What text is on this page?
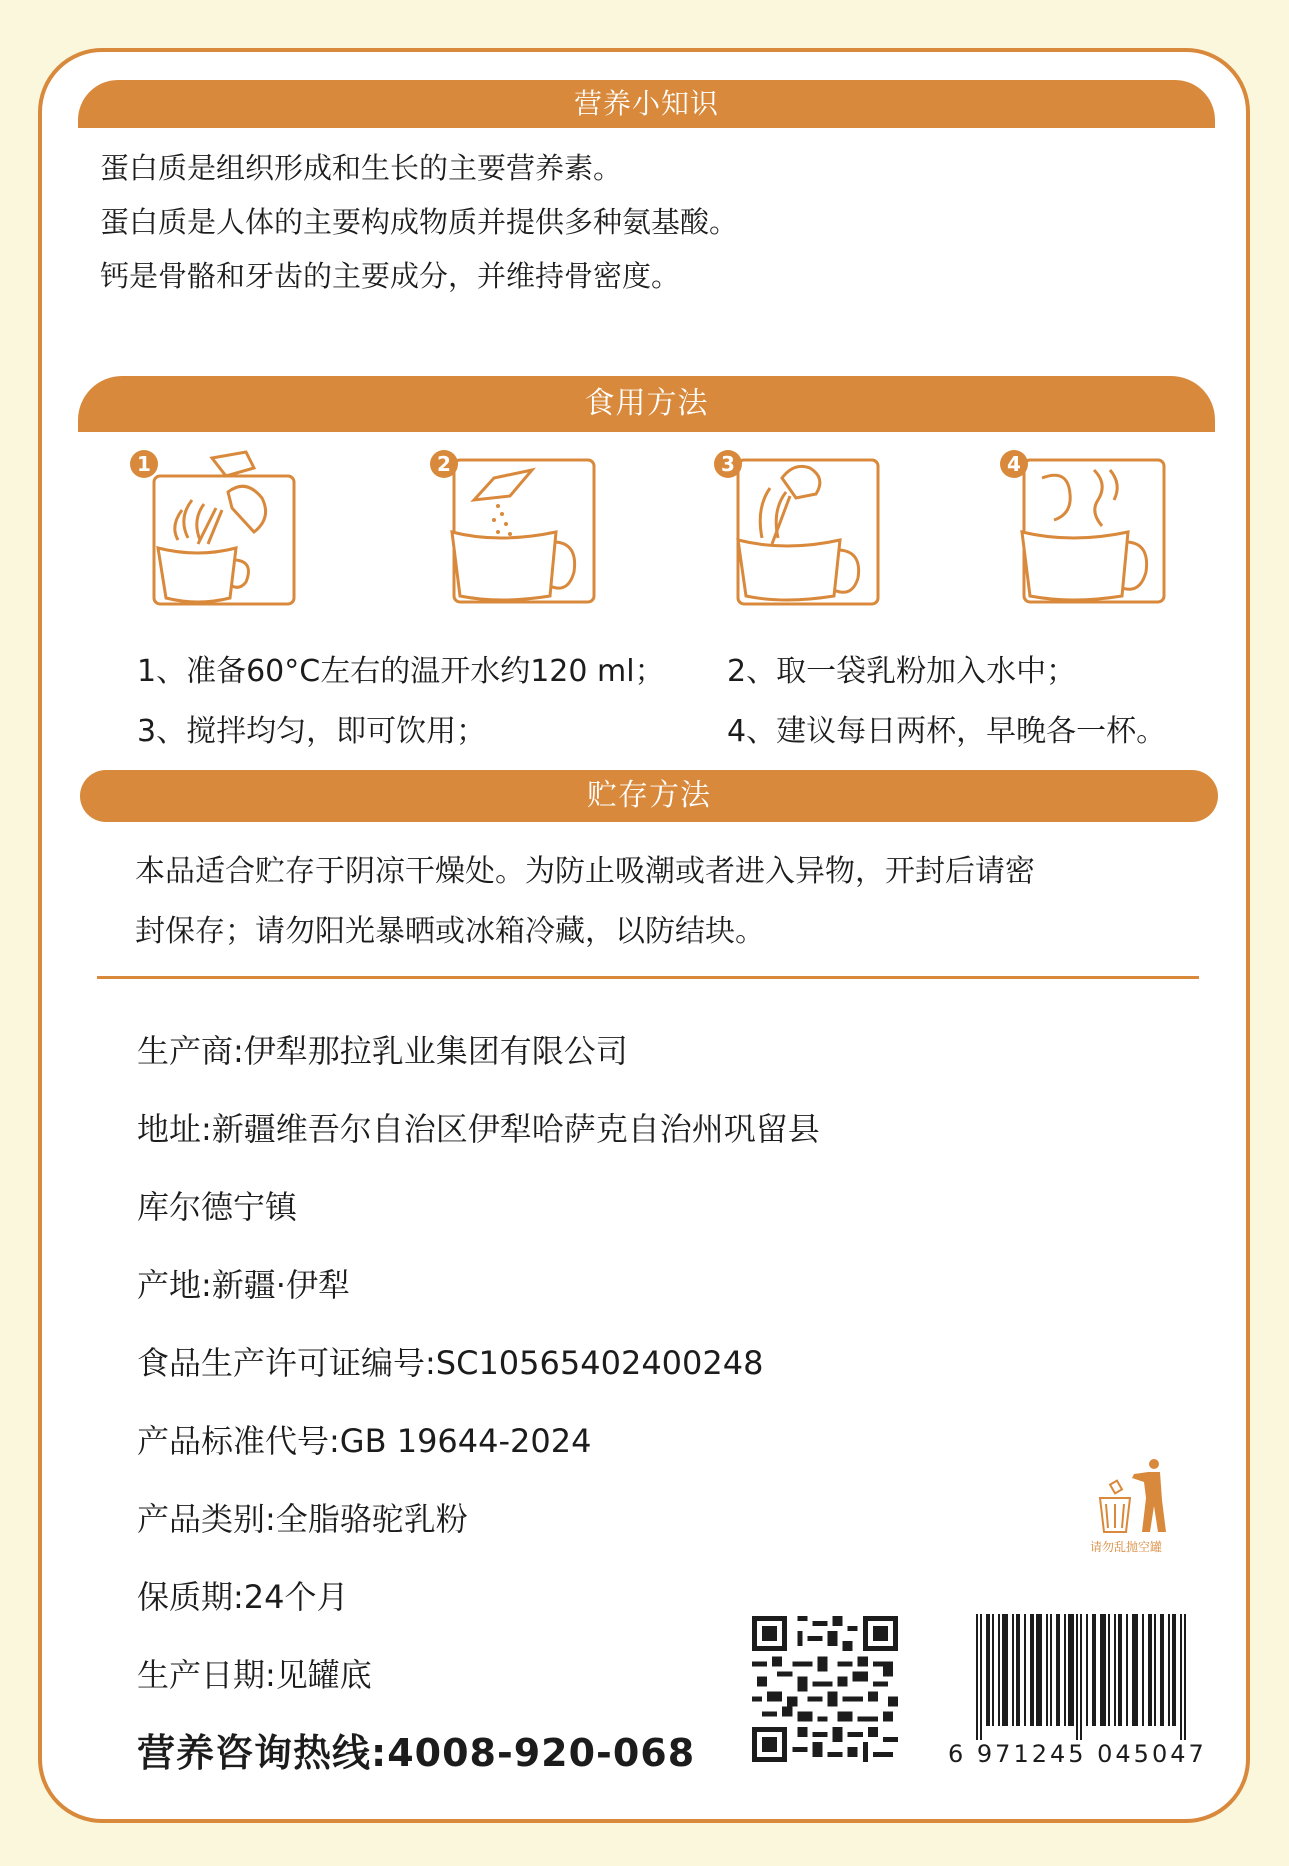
营养小知识
蛋白质是组织形成和生长的主要营养素。
蛋白质是人体的主要构成物质并提供多种氨基酸。
钙是骨骼和牙齿的主要成分，并维持骨密度。
食用方法
1	2	3	4
1、准备60°C左右的温开水约120 ml； 2、取一袋乳粉加入水中；
3、搅拌均匀，即可饮用；	4、建议每日两杯，早晚各一杯。
贮存方法
本品适合贮存于阴凉干燥处。为防止吸潮或者进入异物，开封后请密
封保存；请勿阳光暴晒或冰箱冷藏，以防结块。
生产商:伊犁那拉乳业集团有限公司
地址:新疆维吾尔自治区伊犁哈萨克自治州巩留县
库尔德宁镇
产地:新疆·伊犁
食品生产许可证编号:SC10565402400248
产品标准代号:GB 19644-2024
产品类别:全脂骆驼乳粉
保质期:24个月
生产日期:见罐底
营养咨询热线:4008-920-068
请勿乱抛空罐
6 971245 045047
